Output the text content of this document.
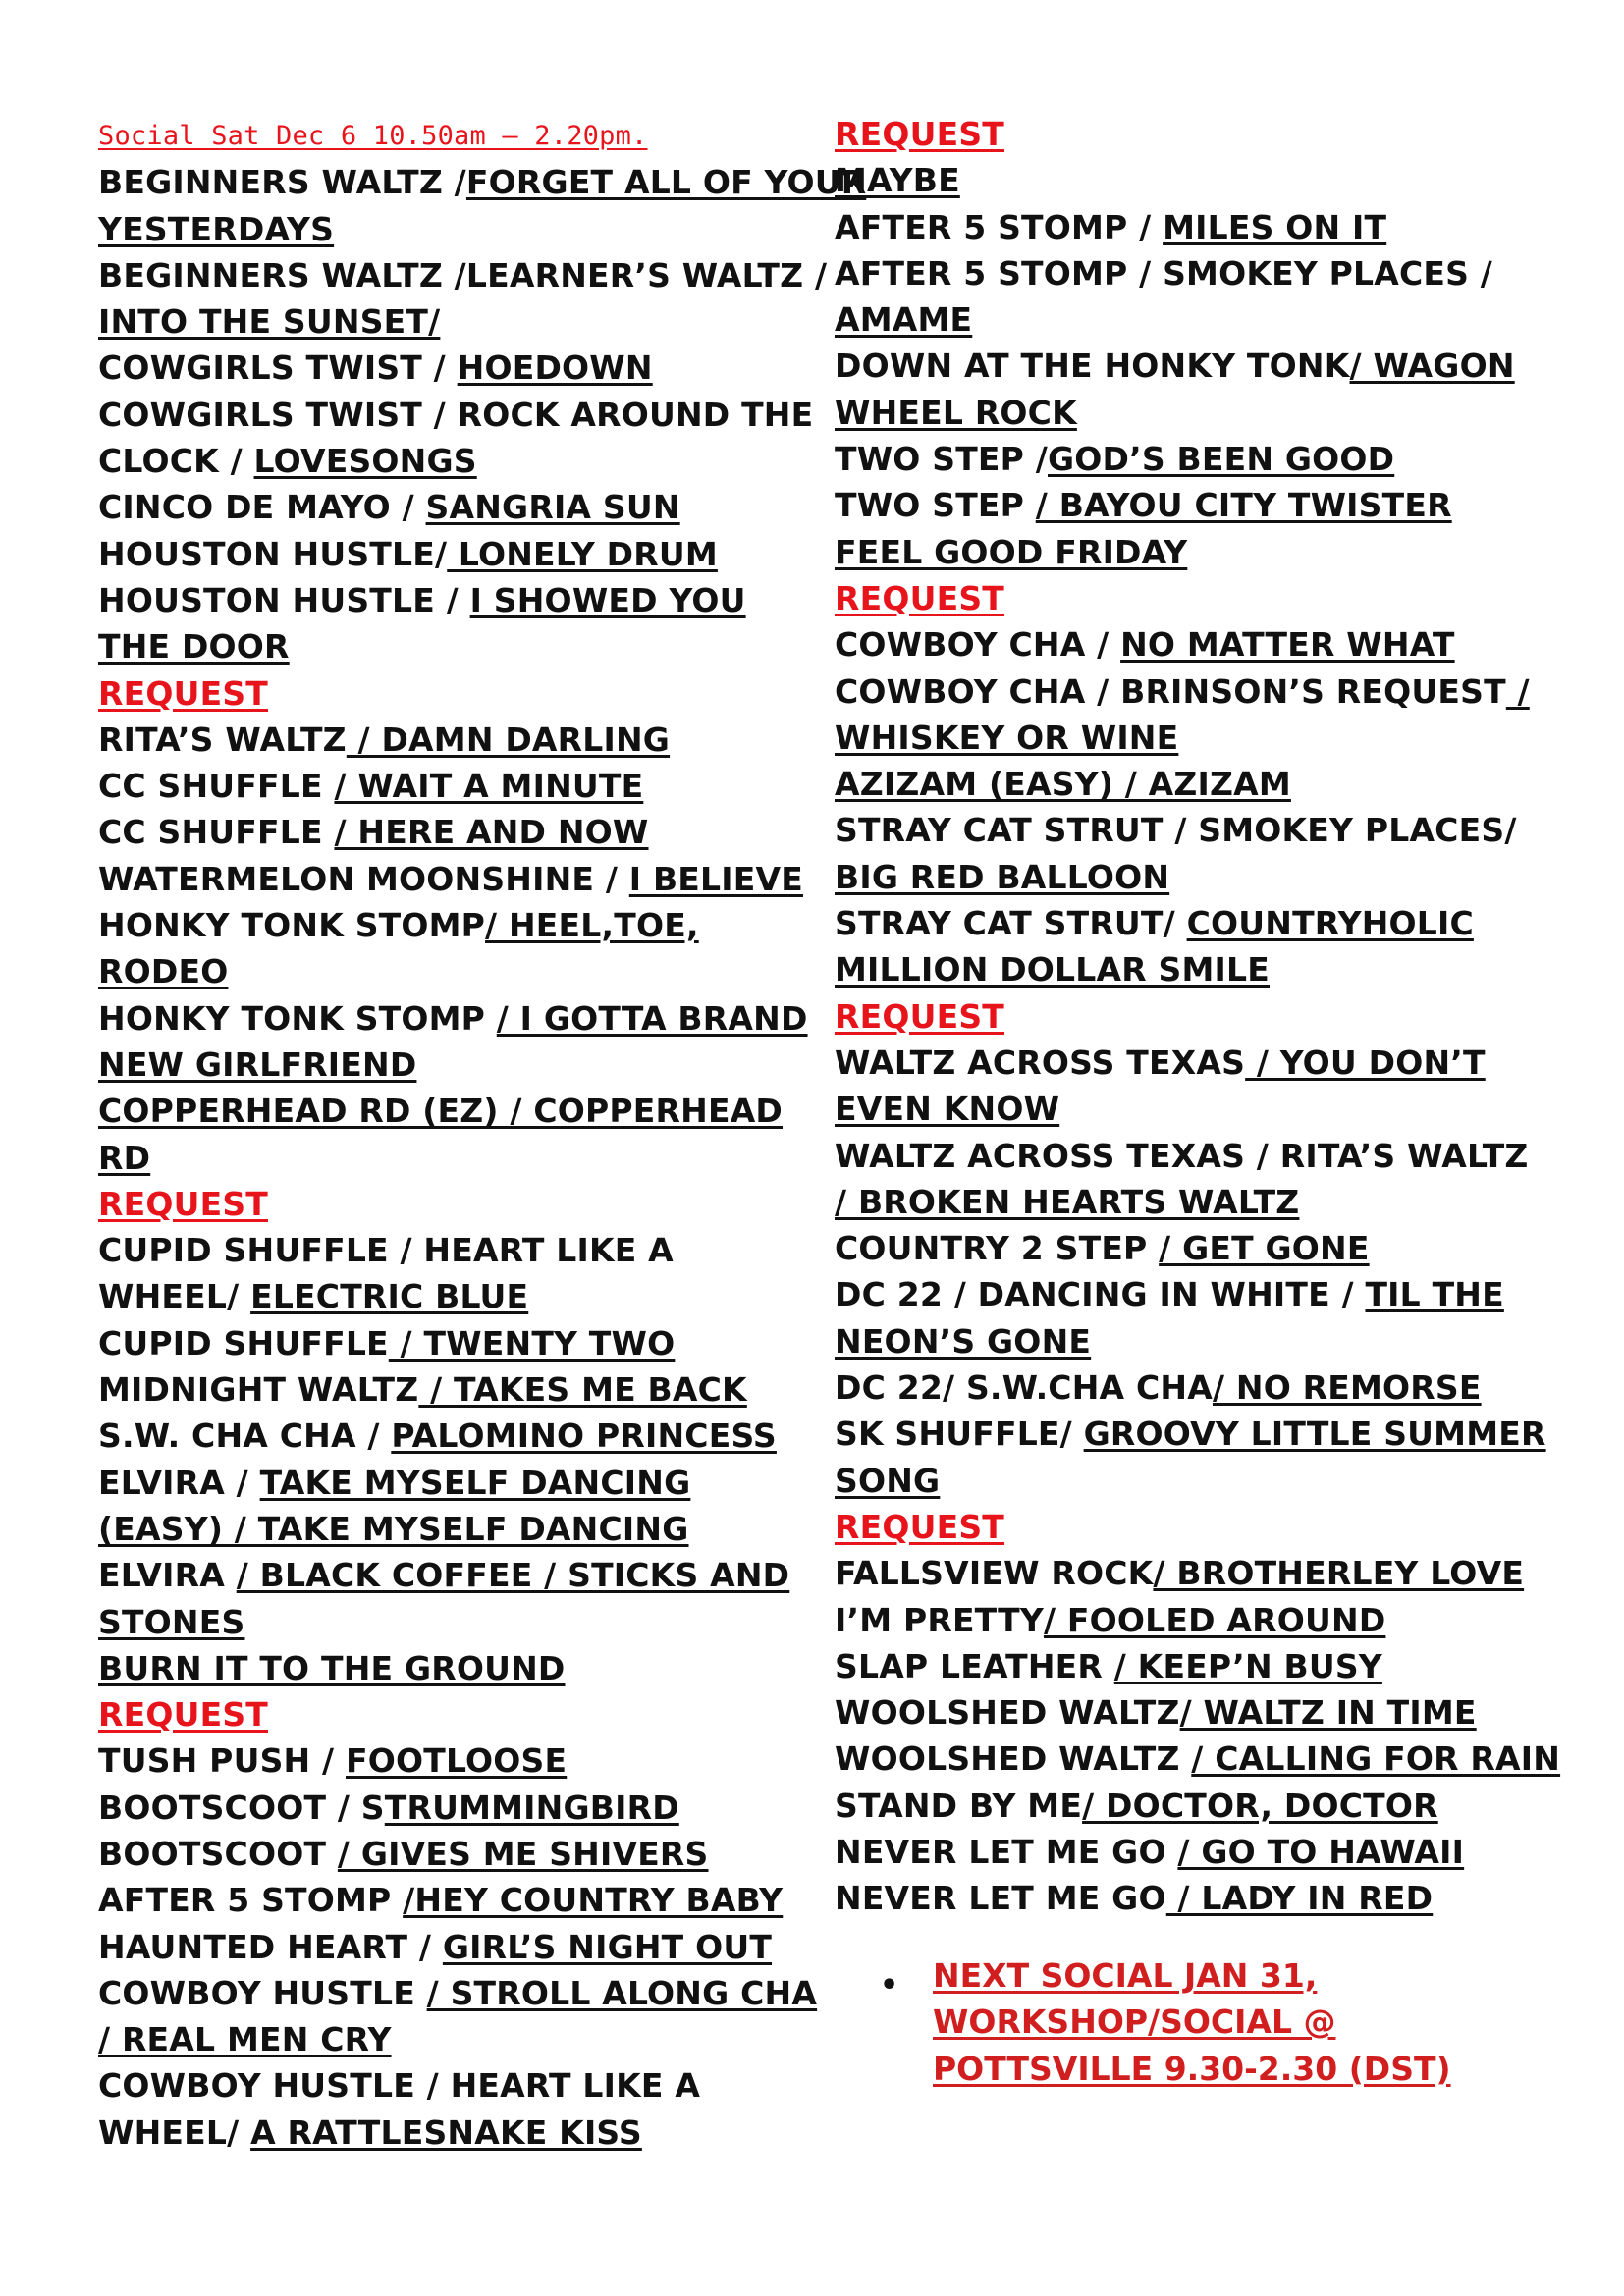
Social Sat Dec 6 10.50am – 2.20pm.
BEGINNERS WALTZ /FORGET ALL OF YOUR
YESTERDAYS
BEGINNERS WALTZ /LEARNER’S WALTZ /
INTO THE SUNSET/
COWGIRLS TWIST / HOEDOWN
COWGIRLS TWIST / ROCK AROUND THE
CLOCK / LOVESONGS
CINCO DE MAYO / SANGRIA SUN
HOUSTON HUSTLE/ LONELY DRUM
HOUSTON HUSTLE / I SHOWED YOU
THE DOOR
REQUEST
RITA’S WALTZ / DAMN DARLING
CC SHUFFLE / WAIT A MINUTE
CC SHUFFLE / HERE AND NOW
WATERMELON MOONSHINE / I BELIEVE
HONKY TONK STOMP/ HEEL,TOE,
RODEO
HONKY TONK STOMP / I GOTTA BRAND
NEW GIRLFRIEND
COPPERHEAD RD (EZ) / COPPERHEAD
RD
REQUEST
CUPID SHUFFLE / HEART LIKE A
WHEEL/ ELECTRIC BLUE
CUPID SHUFFLE / TWENTY TWO
MIDNIGHT WALTZ / TAKES ME BACK
S.W. CHA CHA / PALOMINO PRINCESS
ELVIRA / TAKE MYSELF DANCING
(EASY) / TAKE MYSELF DANCING
ELVIRA / BLACK COFFEE / STICKS AND
STONES
BURN IT TO THE GROUND
REQUEST
TUSH PUSH / FOOTLOOSE
BOOTSCOOT / STRUMMINGBIRD
BOOTSCOOT / GIVES ME SHIVERS
AFTER 5 STOMP /HEY COUNTRY BABY
HAUNTED HEART / GIRL’S NIGHT OUT
COWBOY HUSTLE / STROLL ALONG CHA
/ REAL MEN CRY
COWBOY HUSTLE / HEART LIKE A
WHEEL/ A RATTLESNAKE KISS
REQUEST
MAYBE
AFTER 5 STOMP / MILES ON IT
AFTER 5 STOMP / SMOKEY PLACES /
AMAME
DOWN AT THE HONKY TONK/ WAGON
WHEEL ROCK
TWO STEP /GOD’S BEEN GOOD
TWO STEP / BAYOU CITY TWISTER
FEEL GOOD FRIDAY
REQUEST
COWBOY CHA / NO MATTER WHAT
COWBOY CHA / BRINSON’S REQUEST /
WHISKEY OR WINE
AZIZAM (EASY) / AZIZAM
STRAY CAT STRUT / SMOKEY PLACES/
BIG RED BALLOON
STRAY CAT STRUT/ COUNTRYHOLIC
MILLION DOLLAR SMILE
REQUEST
WALTZ ACROSS TEXAS / YOU DON’T
EVEN KNOW
WALTZ ACROSS TEXAS / RITA’S WALTZ
/ BROKEN HEARTS WALTZ
COUNTRY 2 STEP / GET GONE
DC 22 / DANCING IN WHITE / TIL THE
NEON’S GONE
DC 22/ S.W.CHA CHA/ NO REMORSE
SK SHUFFLE/ GROOVY LITTLE SUMMER
SONG
REQUEST
FALLSVIEW ROCK/ BROTHERLEY LOVE
I’M PRETTY/ FOOLED AROUND
SLAP LEATHER / KEEP’N BUSY
WOOLSHED WALTZ/ WALTZ IN TIME
WOOLSHED WALTZ / CALLING FOR RAIN
STAND BY ME/ DOCTOR, DOCTOR
NEVER LET ME GO / GO TO HAWAII
NEVER LET ME GO / LADY IN RED
• NEXT SOCIAL JAN 31,
WORKSHOP/SOCIAL @
POTTSVILLE 9.30-2.30 (DST)
